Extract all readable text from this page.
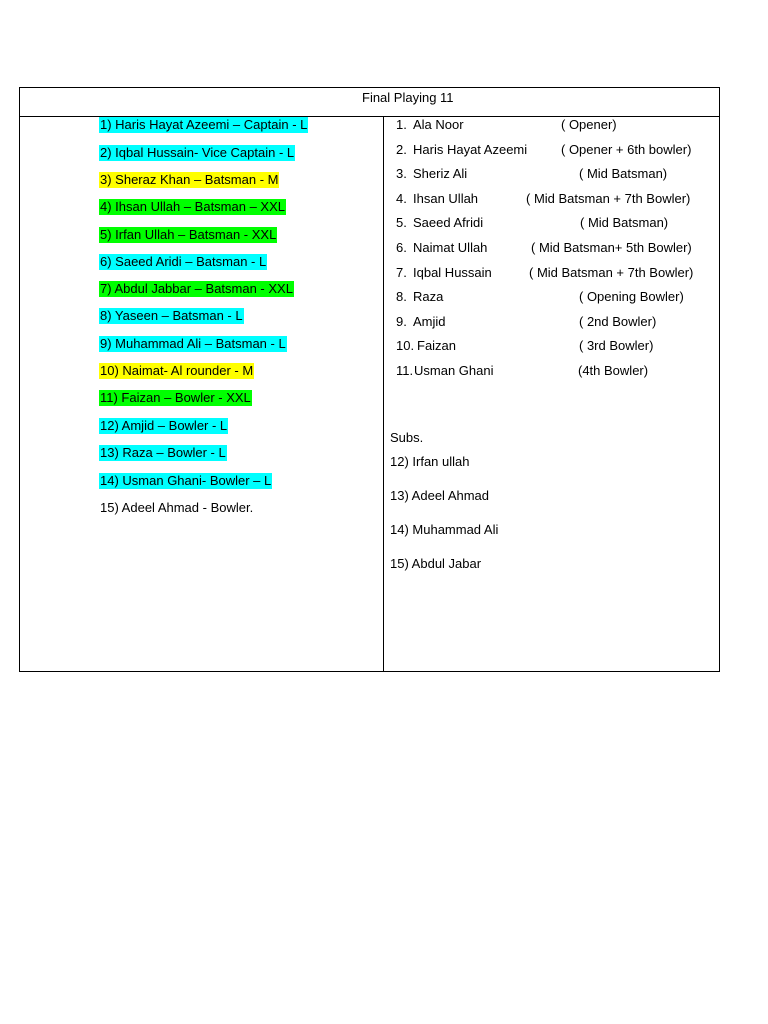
Final Playing 11
1) Haris Hayat Azeemi – Captain - L
2) Iqbal Hussain- Vice Captain - L
3) Sheraz Khan – Batsman - M
4) Ihsan Ullah – Batsman – XXL
5) Irfan Ullah – Batsman - XXL
6) Saeed Aridi – Batsman - L
7) Abdul Jabbar – Batsman - XXL
8) Yaseen – Batsman - L
9) Muhammad Ali – Batsman - L
10) Naimat- Al rounder - M
11) Faizan – Bowler - XXL
12) Amjid – Bowler - L
13) Raza – Bowler - L
14) Usman Ghani- Bowler – L
15) Adeel Ahmad - Bowler.
1. Ala Noor	( Opener)
2. Haris Hayat Azeemi	( Opener + 6th bowler)
3. Sheriz Ali	( Mid Batsman)
4. Ihsan Ullah	( Mid Batsman + 7th Bowler)
5. Saeed Afridi	( Mid Batsman)
6. Naimat Ullah	( Mid Batsman+ 5th Bowler)
7. Iqbal Hussain	( Mid Batsman + 7th Bowler)
8. Raza	( Opening Bowler)
9. Amjid	( 2nd Bowler)
10. Faizan	( 3rd Bowler)
11. Usman Ghani	(4th Bowler)
Subs.
12) Irfan ullah
13) Adeel Ahmad
14) Muhammad Ali
15) Abdul Jabar
